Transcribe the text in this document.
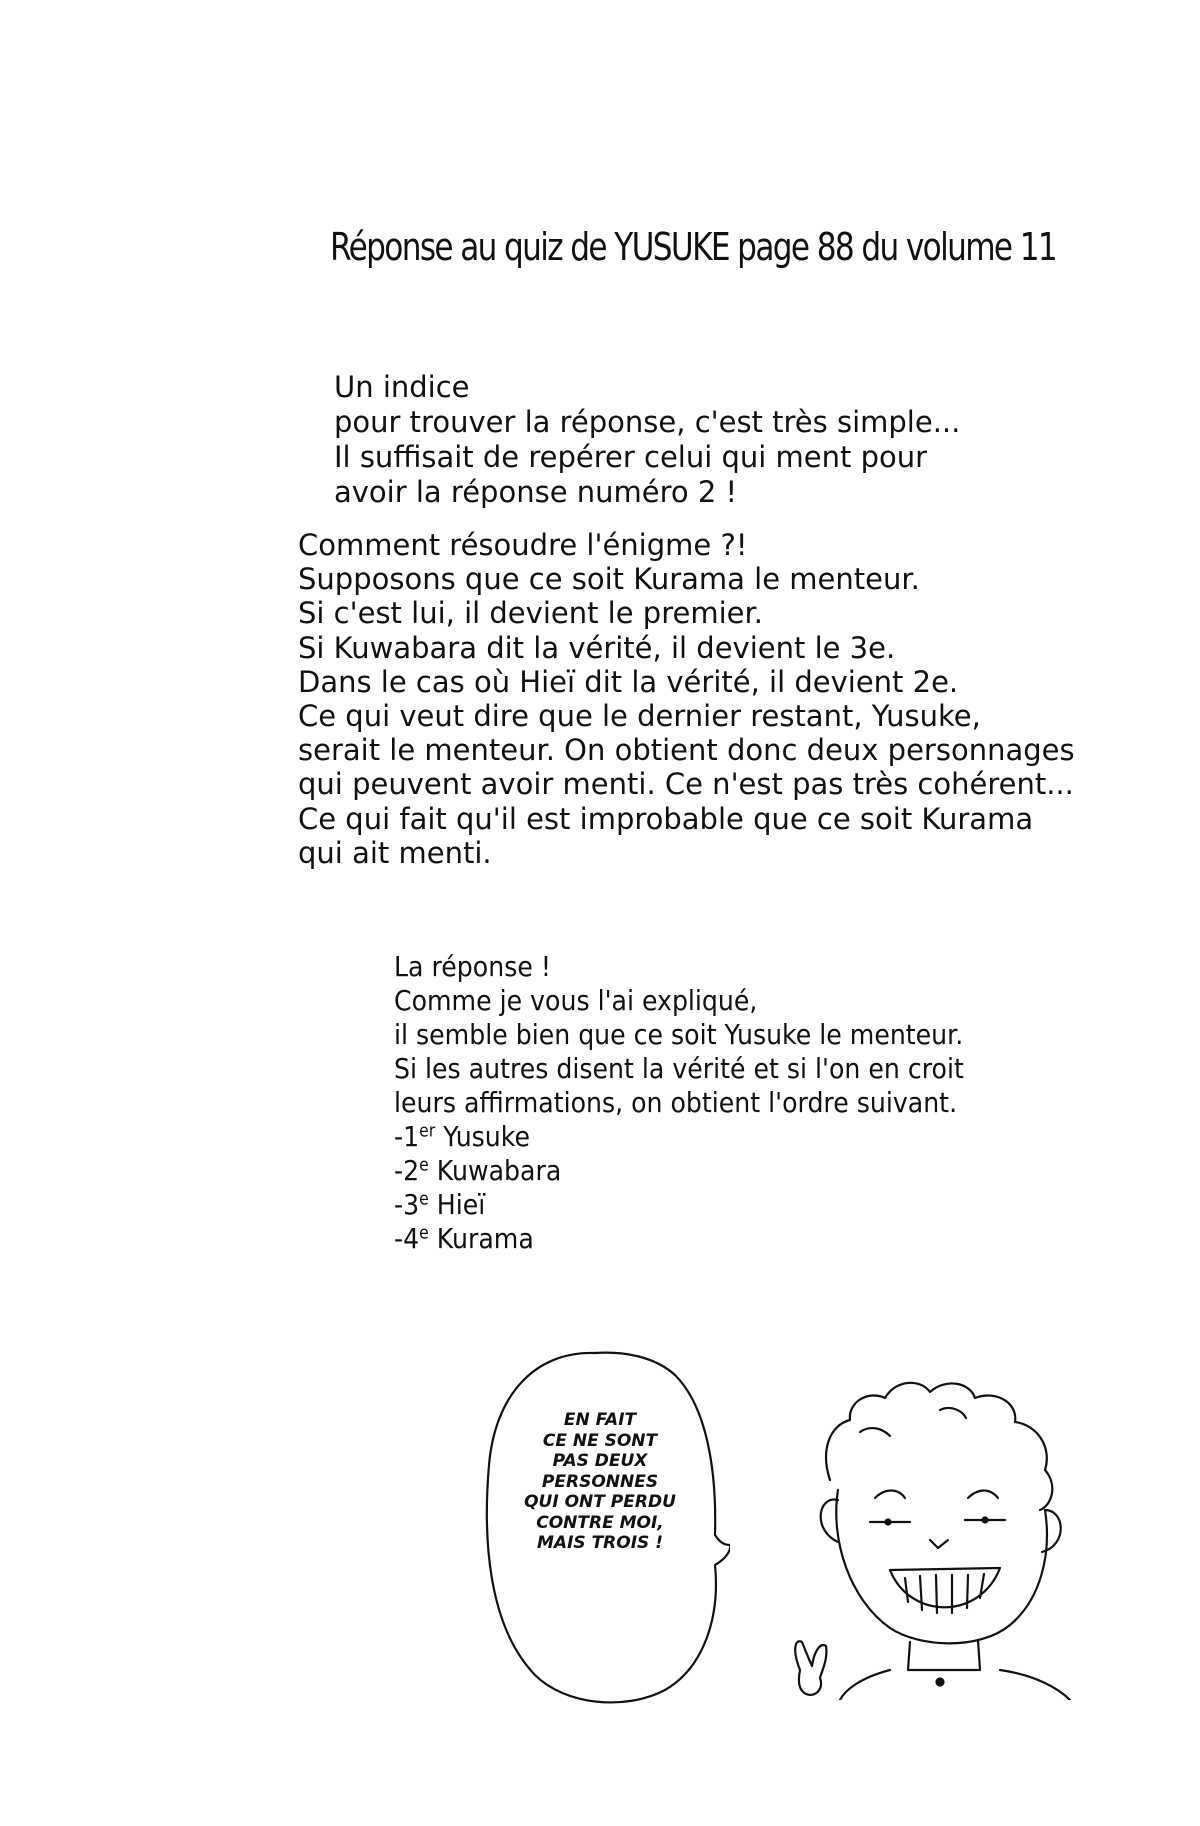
Réponse au quiz de YUSUKE page 88 du volume 11
Un indice
pour trouver la réponse, c'est très simple...
Il suffisait de repérer celui qui ment pour
avoir la réponse numéro 2 !
Comment résoudre l'énigme ?!
Supposons que ce soit Kurama le menteur.
Si c'est lui, il devient le premier.
Si Kuwabara dit la vérité, il devient le 3e.
Dans le cas où Hieï dit la vérité, il devient 2e.
Ce qui veut dire que le dernier restant, Yusuke,
serait le menteur. On obtient donc deux personnages
qui peuvent avoir menti. Ce n'est pas très cohérent...
Ce qui fait qu'il est improbable que ce soit Kurama
qui ait menti.
La réponse !
Comme je vous l'ai expliqué,
il semble bien que ce soit Yusuke le menteur.
Si les autres disent la vérité et si l'on en croit
leurs affirmations, on obtient l'ordre suivant.
-1er Yusuke
-2e Kuwabara
-3e Hieï
-4e Kurama
EN FAIT
CE NE SONT
PAS DEUX
PERSONNES
QUI ONT PERDU
CONTRE MOI,
MAIS TROIS !
